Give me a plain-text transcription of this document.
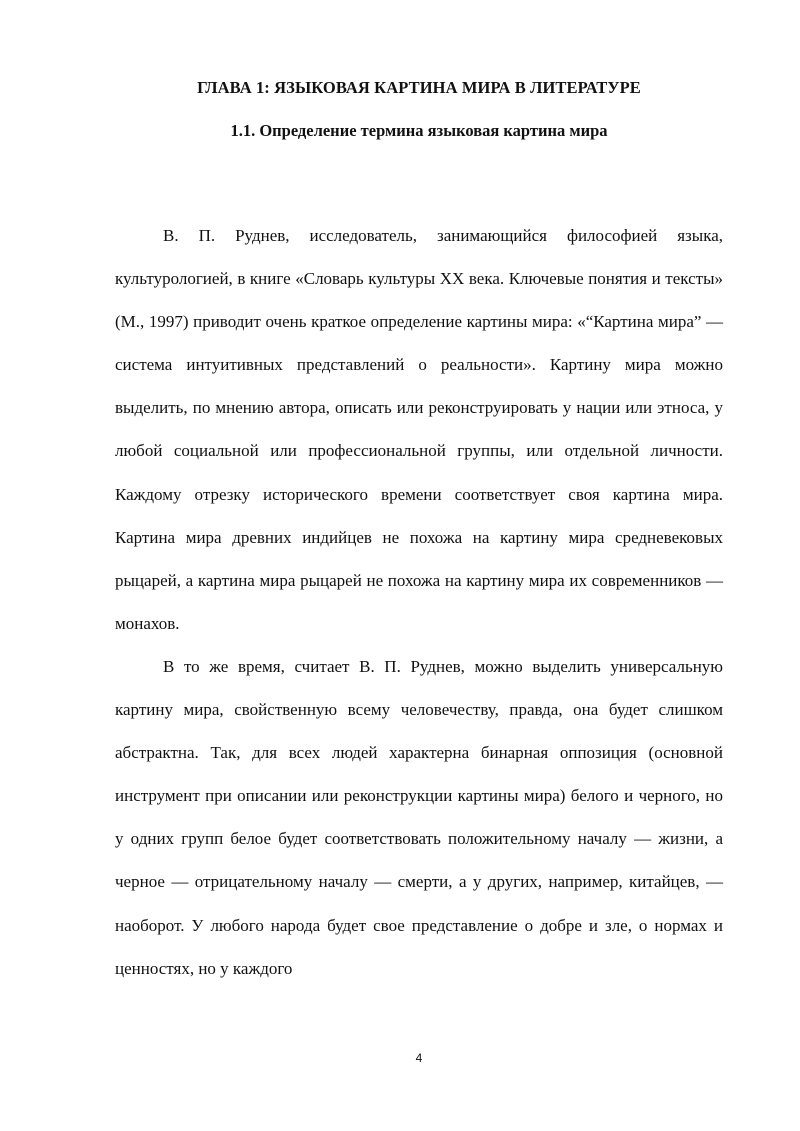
ГЛАВА 1: ЯЗЫКОВАЯ КАРТИНА МИРА В ЛИТЕРАТУРЕ
1.1. Определение термина языковая картина мира

В. П. Руднев, исследователь, занимающийся философией языка, культурологией, в книге «Словарь культуры XX века. Ключевые понятия и тексты» (М., 1997) приводит очень краткое определение картины мира: «“Картина мира” — система интуитивных представлений о реальности». Картину мира можно выделить, по мнению автора, описать или реконструировать у нации или этноса, у любой социальной или профессиональной группы, или отдельной личности. Каждому отрезку исторического времени соответствует своя картина мира. Картина мира древних индийцев не похожа на картину мира средневековых рыцарей, а картина мира рыцарей не похожа на картину мира их современников — монахов.

В то же время, считает В. П. Руднев, можно выделить универсальную картину мира, свойственную всему человечеству, правда, она будет слишком абстрактна. Так, для всех людей характерна бинарная оппозиция (основной инструмент при описании или реконструкции картины мира) белого и черного, но у одних групп белое будет соответствовать положительному началу — жизни, а черное — отрицательному началу — смерти, а у других, например, китайцев, — наоборот. У любого народа будет свое представление о добре и зле, о нормах и ценностях, но у каждого

4
